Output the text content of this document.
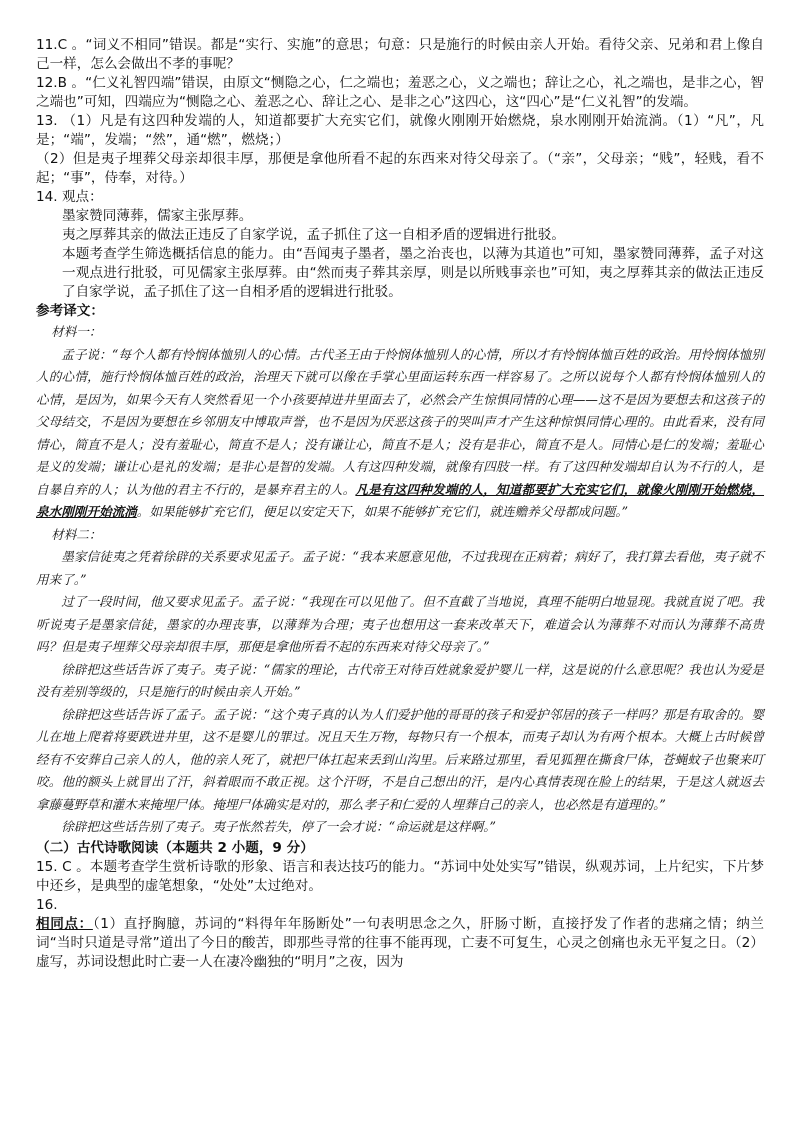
11.C 。“词义不相同”错误。都是“实行、实施”的意思；句意：只是施行的时候由亲人开始。看待父亲、兄弟和君上像自己一样，怎么会做出不孝的事呢？

12.B 。“仁义礼智四端”错误，由原文“恻隐之心，仁之端也；羞恶之心，义之端也；辞让之心，礼之端也，是非之心，智之端也”可知，四端应为“恻隐之心、羞恶之心、辞让之心、是非之心”这四心，这“四心”是“仁义礼智”的发端。

13. （1）凡是有这四种发端的人，知道都要扩大充实它们，就像火刚刚开始燃烧，泉水刚刚开始流淌。（1）“凡”，凡是；“端”，发端；“然”，通“燃”，燃烧；）

（2）但是夷子埋葬父母亲却很丰厚，那便是拿他所看不起的东西来对待父母亲了。（“亲”，父母亲；“贱”，轻贱，看不起；“事”，侍奉，对待。）

14. 观点：

墨家赞同薄葬，儒家主张厚葬。

夷之厚葬其亲的做法正违反了自家学说，孟子抓住了这一自相矛盾的逻辑进行批驳。

本题考查学生筛选概括信息的能力。由“吾闻夷子墨者，墨之治丧也，以薄为其道也”可知，墨家赞同薄葬，孟子对这一观点进行批驳，可见儒家主张厚葬。由“然而夷子葬其亲厚，则是以所贱事亲也”可知，夷之厚葬其亲的做法正违反了自家学说，孟子抓住了这一自相矛盾的逻辑进行批驳。

参考译文：

材料一：

孟子说：“每个人都有怜悯体恤别人的心情。古代圣王由于怜悯体恤别人的心情，所以才有怜悯体恤百姓的政治。用怜悯体恤别人的心情，施行怜悯体恤百姓的政治，治理天下就可以像在手掌心里面运转东西一样容易了。之所以说每个人都有怜悯体恤别人的心情，是因为，如果今天有人突然看见一个小孩要掉进井里面去了，必然会产生惊惧同情的心理——这不是因为要想去和这孩子的父母结交，不是因为要想在乡邻朋友中博取声誉，也不是因为厌恶这孩子的哭叫声才产生这种惊惧同情心理的。由此看来，没有同情心，简直不是人；没有羞耻心，简直不是人；没有谦让心，简直不是人；没有是非心，简直不是人。同情心是仁的发端；羞耻心是义的发端；谦让心是礼的发端；是非心是智的发端。人有这四种发端，就像有四肢一样。有了这四种发端却自认为不行的人，是自暴自弃的人；认为他的君主不行的，是暴弃君主的人。凡是有这四种发端的人，知道都要扩大充实它们，就像火刚刚开始燃烧，泉水刚刚开始流淌。如果能够扩充它们，便足以安定天下，如果不能够扩充它们，就连赡养父母都成问题。”

材料二：

墨家信徒夷之凭着徐辟的关系要求见孟子。孟子说：“我本来愿意见他，不过我现在正病着；病好了，我打算去看他，夷子就不用来了。”

过了一段时间，他又要求见孟子。孟子说：“我现在可以见他了。但不直截了当地说，真理不能明白地显现。我就直说了吧。我听说夷子是墨家信徒，墨家的办理丧事，以薄葬为合理；夷子也想用这一套来改革天下，难道会认为薄葬不对而认为薄葬不高贵吗？但是夷子埋葬父母亲却很丰厚，那便是拿他所看不起的东西来对待父母亲了。”

徐辟把这些话告诉了夷子。夷子说：“儒家的理论，古代帝王对待百姓就象爱护婴儿一样，这是说的什么意思呢？我也认为爱是没有差别等级的，只是施行的时候由亲人开始。”

徐辟把这些话告诉了孟子。孟子说：“这个夷子真的认为人们爱护他的哥哥的孩子和爱护邻居的孩子一样吗？那是有取舍的。婴儿在地上爬着将要跌进井里，这不是婴儿的罪过。况且天生万物，每物只有一个根本，而夷子却认为有两个根本。大概上古时候曾经有不安葬自己亲人的人，他的亲人死了，就把尸体扛起来丢到山沟里。后来路过那里，看见狐狸在撕食尸体，苍蝇蚊子也聚来叮咬。他的额头上就冒出了汗，斜着眼而不敢正视。这个汗呀，不是自己想出的汗，是内心真情表现在脸上的结果，于是这人就返去拿藤蔓野草和灌木来掩埋尸体。掩埋尸体确实是对的，那么孝子和仁爱的人埋葬自己的亲人，也必然是有道理的。”

徐辟把这些话告别了夷子。夷子怅然若失，停了一会才说：“命运就是这样啊。”

（二）古代诗歌阅读（本题共 2 小题，9 分）

15. C 。本题考查学生赏析诗歌的形象、语言和表达技巧的能力。“苏词中处处实写”错误，纵观苏词，上片纪实，下片梦中还乡，是典型的虚笔想象，“处处”太过绝对。

16.

相同点：（1）直抒胸臆，苏词的“料得年年肠断处”一句表明思念之久，肝肠寸断，直接抒发了作者的悲痛之情；纳兰词“当时只道是寻常”道出了今日的酸苦，即那些寻常的往事不能再现，亡妻不可复生，心灵之创痛也永无平复之日。（2）虚写，苏词设想此时亡妻一人在凄冷幽独的“明月”之夜，因为
